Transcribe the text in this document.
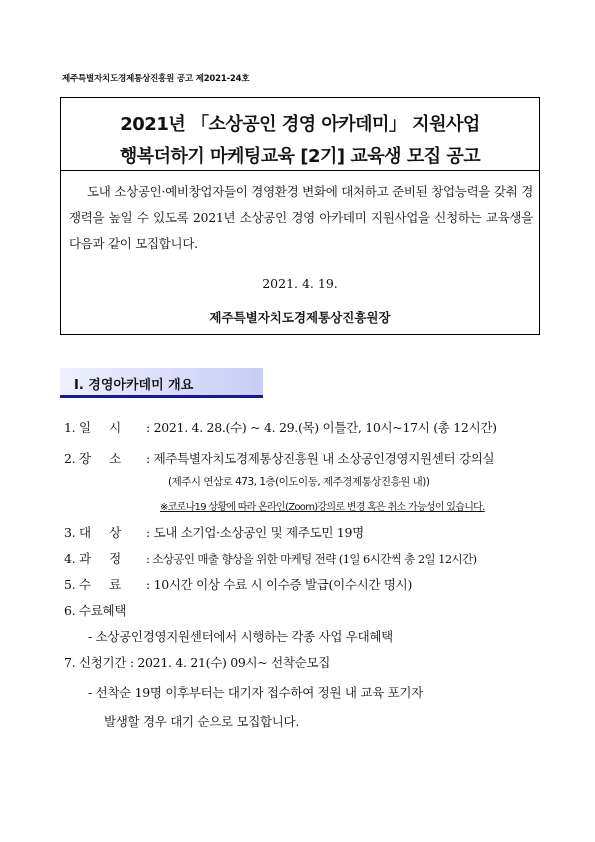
제주특별자치도경제통상진흥원 공고 제2021-24호
2021년 「소상공인 경영 아카데미」 지원사업
행복더하기 마케팅교육 [2기] 교육생 모집 공고
도내 소상공인·예비창업자들이 경영환경 변화에 대처하고 준비된 창업능력을 갖춰 경쟁력을 높일 수 있도록 2021년 소상공인 경영 아카데미 지원사업을 신청하는 교육생을 다음과 같이 모집합니다.
2021. 4. 19.
제주특별자치도경제통상진흥원장
Ⅰ. 경영아카데미 개요
1. 일     시 : 2021. 4. 28.(수) ~ 4. 29.(목) 이틀간, 10시~17시 (총 12시간)
2. 장     소 : 제주특별자치도경제통상진흥원 내 소상공인경영지원센터 강의실
(제주시 연삼로 473, 1층(이도이동, 제주경제통상진흥원 내))
※코로나19 상황에 따라 온라인(Zoom)강의로 변경 혹은 취소 가능성이 있습니다.
3. 대     상 : 도내 소기업·소상공인 및 제주도민 19명
4. 과     정 : 소상공인 매출 향상을 위한 마케팅 전략 (1일 6시간씩 총 2일 12시간)
5. 수     료 : 10시간 이상 수료 시 이수증 발급(이수시간 명시)
6. 수료혜택
- 소상공인경영지원센터에서 시행하는 각종 사업 우대혜택
7. 신청기간 : 2021. 4. 21(수) 09시~ 선착순모집
- 선착순 19명 이후부터는 대기자 접수하여 정원 내 교육 포기자
발생할 경우 대기 순으로 모집합니다.
